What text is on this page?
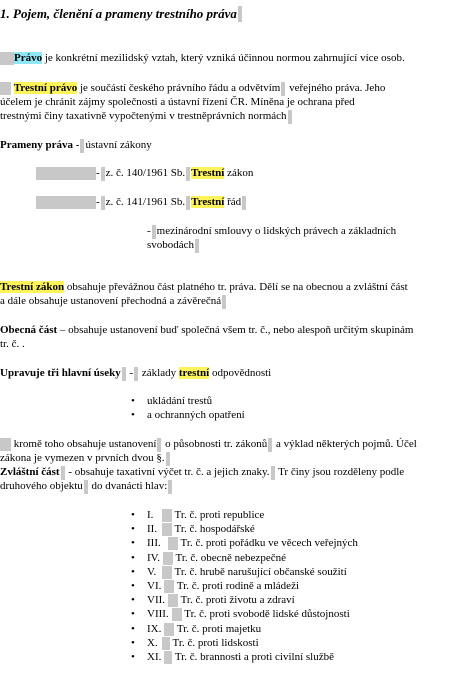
1. Pojem, členění a prameny trestního práva
Právo je konkrétní mezilidský vztah, který vzniká účinnou normou zahrnující více osob.
Trestní právo je součástí českého právního řádu a odvětvím veřejného práva. Jeho
účelem je chránit zájmy společnosti a ústavní řízení ČR. Míněna je ochrana před
trestnými činy taxativně vypočtenými v trestněprávních normách
Prameny práva - ústavní zákony
- z. č. 140/1961 Sb. Trestní zákon
- z. č. 141/1961 Sb. Trestní řád
- mezinárodní smlouvy o lidských právech a základních
svobodách
Trestní zákon obsahuje převážnou část platného tr. práva. Dělí se na obecnou a zvláštní část
a dále obsahuje ustanovení přechodná a závěrečná
Obecná část – obsahuje ustanovení buď společná všem tr. č., nebo alespoň určitým skupinám
tr. č. .
Upravuje tři hlavní úseky - základy trestní odpovědnosti
• ukládání trestů
• a ochranných opatření
kromě toho obsahuje ustanovení o působnosti tr. zákonů a výklad některých pojmů. Účel
zákona je vymezen v prvních dvou §.
Zvláštní část - obsahuje taxativní výčet tr. č. a jejich znaky. Tr činy jsou rozděleny podle
druhového objektu do dvanácti hlav:
• I. Tr. č. proti republice
• II. Tr. č. hospodářské
• III. Tr. č. proti pořádku ve věcech veřejných
• IV. Tr. č. obecně nebezpečné
• V. Tr. č. hrubě narušující občanské soužití
• VI. Tr. č. proti rodině a mládeži
• VII. Tr. č. proti životu a zdraví
• VIII. Tr. č. proti svobodě lidské důstojnosti
• IX. Tr. č. proti majetku
• X. Tr. č. proti lidskosti
• XI. Tr. č. brannosti a proti civilní službě
